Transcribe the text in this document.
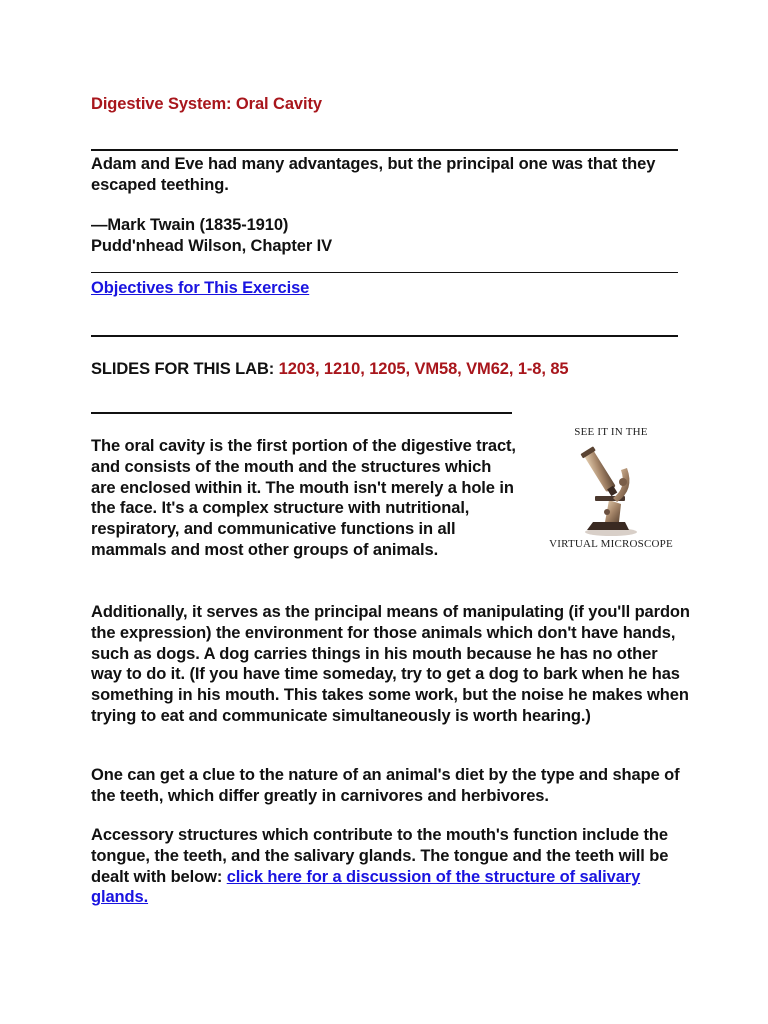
Digestive System: Oral Cavity
Adam and Eve had many advantages, but the principal one was that they escaped teething.
—Mark Twain (1835-1910)
Pudd'nhead Wilson, Chapter IV
Objectives for This Exercise
SLIDES FOR THIS LAB: 1203, 1210, 1205, VM58, VM62, 1-8, 85
The oral cavity is the first portion of the digestive tract, and consists of the mouth and the structures which are enclosed within it. The mouth isn't merely a hole in the face. It's a complex structure with nutritional, respiratory, and communicative functions in all mammals and most other groups of animals.
SEE IT IN THE
VIRTUAL MICROSCOPE
Additionally, it serves as the principal means of manipulating (if you'll pardon the expression) the environment for those animals which don't have hands, such as dogs. A dog carries things in his mouth because he has no other way to do it. (If you have time someday, try to get a dog to bark when he has something in his mouth. This takes some work, but the noise he makes when trying to eat and communicate simultaneously is worth hearing.)
One can get a clue to the nature of an animal's diet by the type and shape of the teeth, which differ greatly in carnivores and herbivores.
Accessory structures which contribute to the mouth's function include the tongue, the teeth, and the salivary glands. The tongue and the teeth will be dealt with below: click here for a discussion of the structure of salivary glands.
